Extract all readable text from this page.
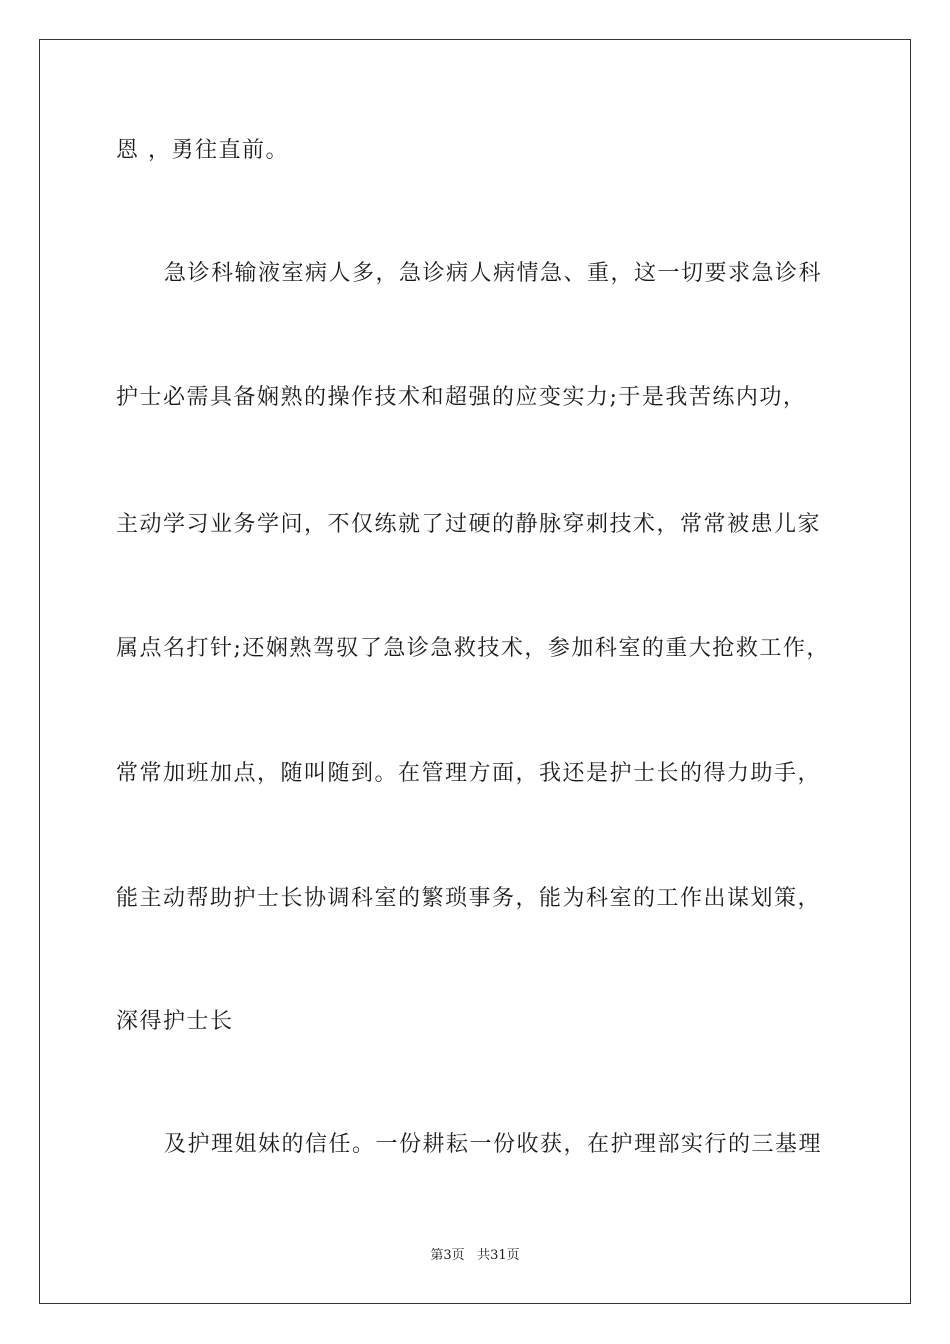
恩 ，勇往直前。
急诊科输液室病人多，急诊病人病情急、重，这一切要求急诊科
护士必需具备娴熟的操作技术和超强的应变实力;于是我苦练内功，
主动学习业务学问，不仅练就了过硬的静脉穿刺技术，常常被患儿家
属点名打针;还娴熟驾驭了急诊急救技术，参加科室的重大抢救工作，
常常加班加点，随叫随到。在管理方面，我还是护士长的得力助手，
能主动帮助护士长协调科室的繁琐事务，能为科室的工作出谋划策，
深得护士长
及护理姐妹的信任。一份耕耘一份收获，在护理部实行的三基理
第3页 共31页
